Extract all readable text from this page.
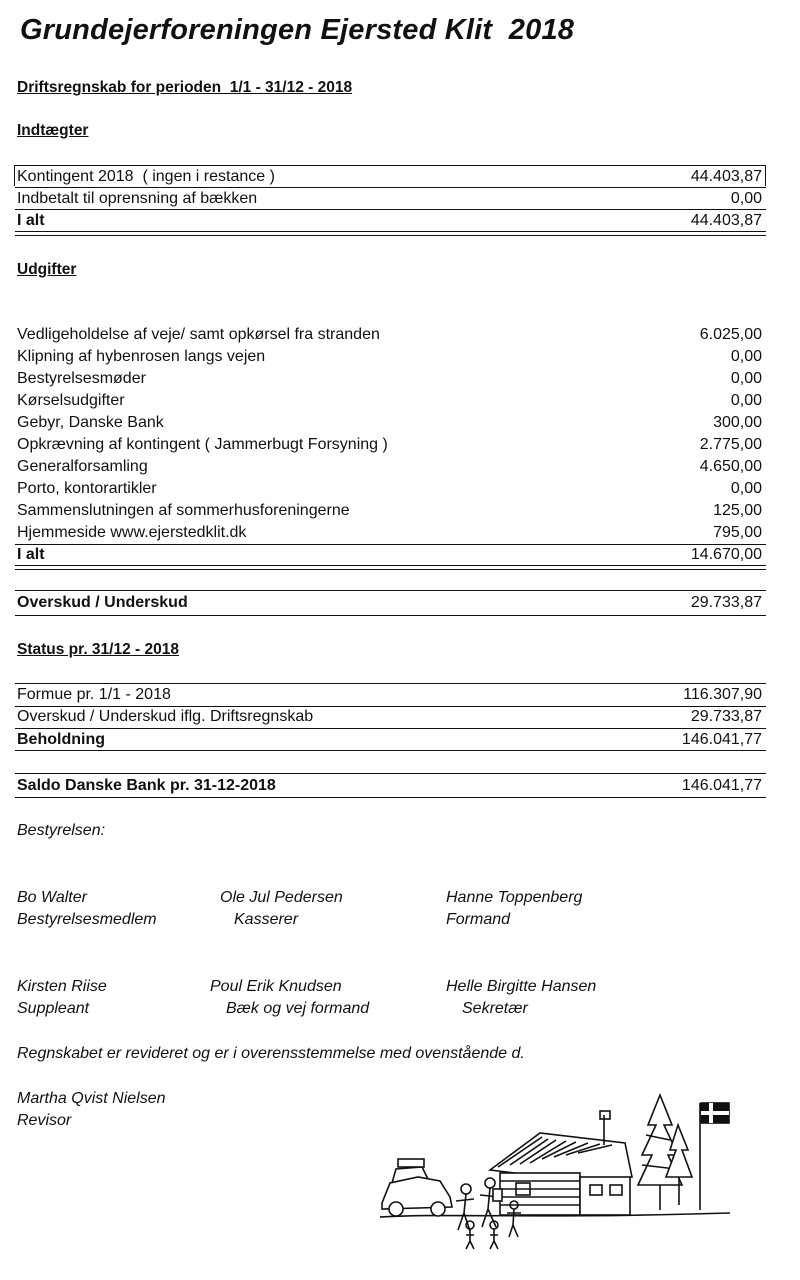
Grundejerforeningen Ejersted Klit  2018
Driftsregnskab for perioden  1/1 - 31/12 - 2018
Indtægter
Kontingent 2018  ( ingen i restance )	44.403,87
Indbetalt til oprensning af bækken	0,00
I alt	44.403,87
Udgifter
Vedligeholdelse af veje/ samt opkørsel fra stranden	6.025,00
Klipning af hybenrosen langs vejen	0,00
Bestyrelsesmøder	0,00
Kørselsudgifter	0,00
Gebyr, Danske Bank	300,00
Opkrævning af kontingent ( Jammerbugt Forsyning )	2.775,00
Generalforsamling	4.650,00
Porto, kontorartikler	0,00
Sammenslutningen af sommerhusforeningerne	125,00
Hjemmeside www.ejerstedklit.dk	795,00
I alt	14.670,00
Overskud / Underskud	29.733,87
Status pr. 31/12 - 2018
Formue pr. 1/1 - 2018	116.307,90
Overskud / Underskud iflg. Driftsregnskab	29.733,87
Beholdning	146.041,77
Saldo Danske Bank pr. 31-12-2018	146.041,77
Bestyrelsen:
Bo Walter
Bestyrelsesmedlem
Ole Jul Pedersen
Kasserer
Hanne Toppenberg
Formand
Kirsten Riise
Suppleant
Poul Erik Knudsen
Bæk og vej formand
Helle Birgitte Hansen
Sekretær
Regnskabet er revideret og er i overensstemmelse med ovenstående d.
Martha Qvist Nielsen
Revisor
